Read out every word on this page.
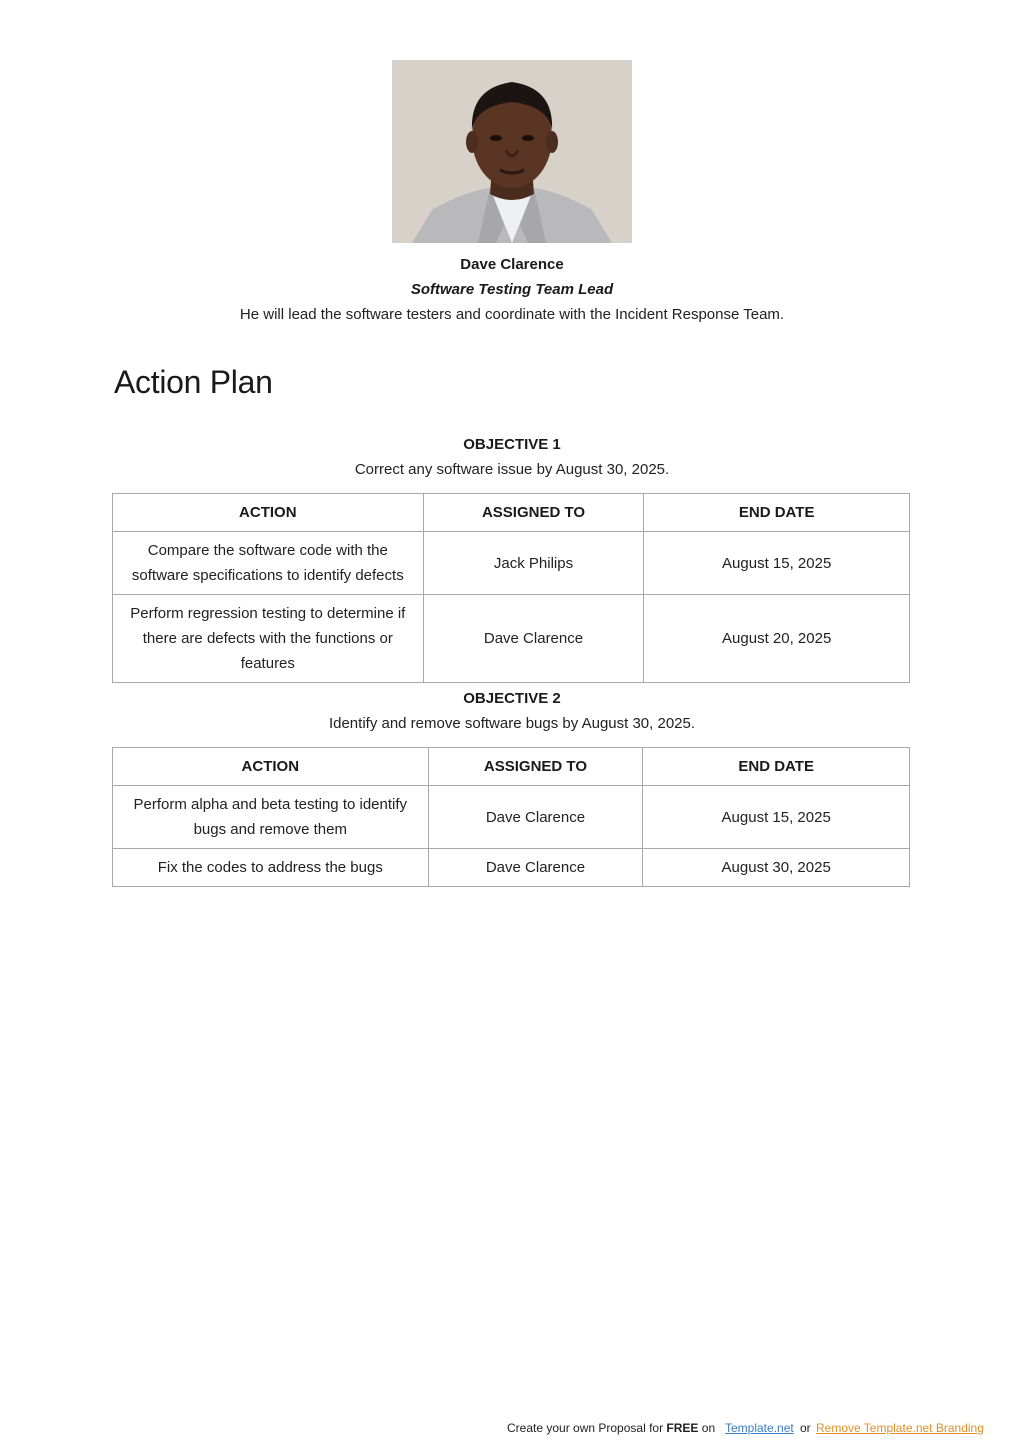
Dave Clarence
Software Testing Team Lead
He will lead the software testers and coordinate with the Incident Response Team.
Action Plan
OBJECTIVE 1
Correct any software issue by August 30, 2025.
ACTION	ASSIGNED TO	END DATE
Compare the software code with the software specifications to identify defects	Jack Philips	August 15, 2025
Perform regression testing to determine if there are defects with the functions or features	Dave Clarence	August 20, 2025
OBJECTIVE 2
Identify and remove software bugs by August 30, 2025.
ACTION	ASSIGNED TO	END DATE
Perform alpha and beta testing to identify bugs and remove them	Dave Clarence	August 15, 2025
Fix the codes to address the bugs	Dave Clarence	August 30, 2025
Create your own Proposal for FREE on Template.net or Remove Template.net Branding
